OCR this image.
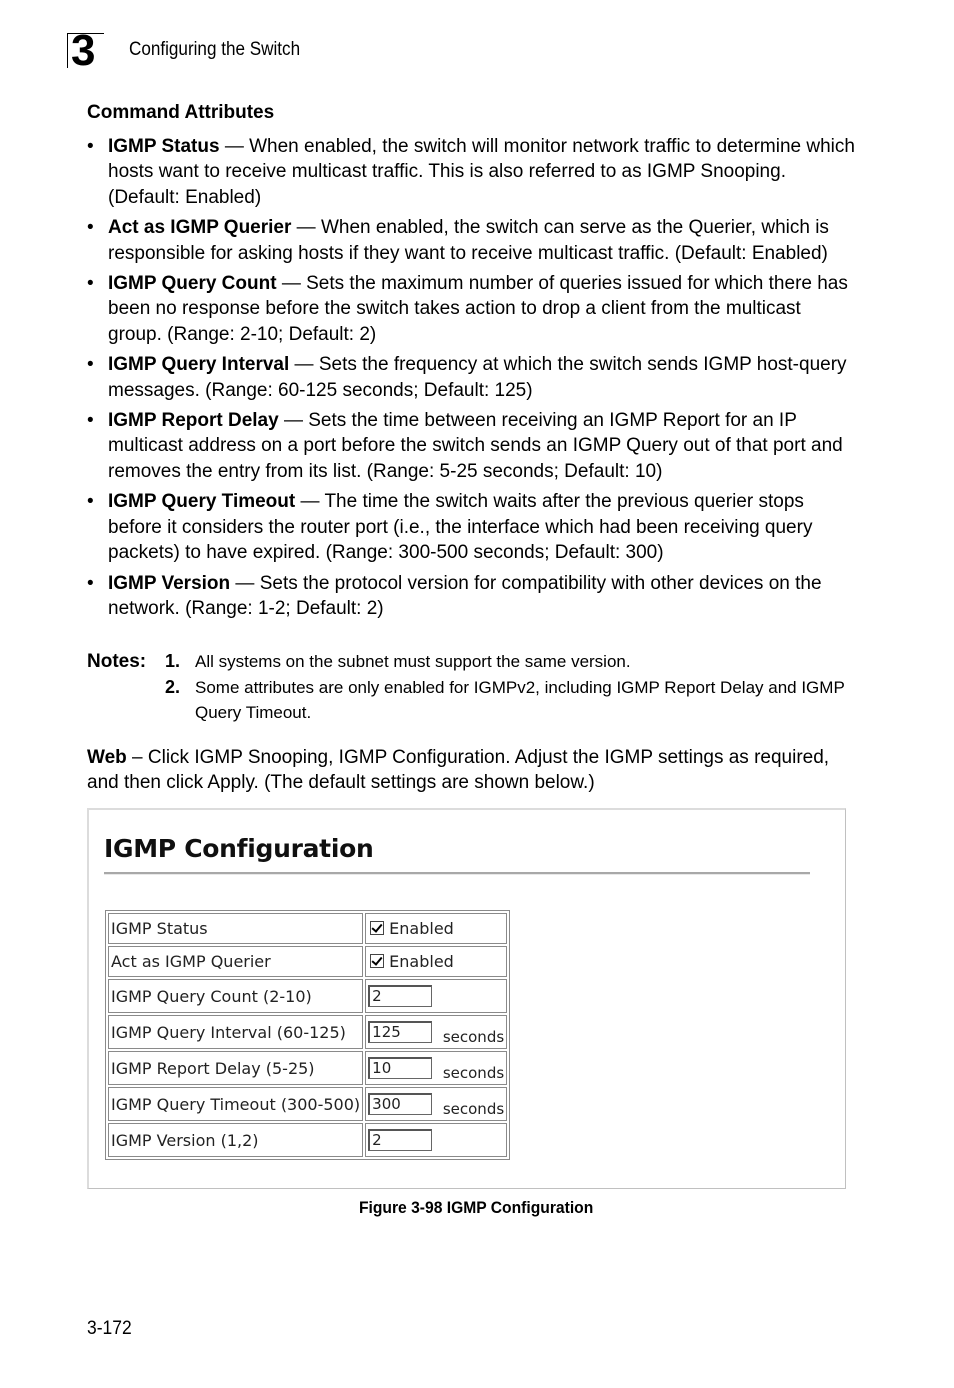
3 Configuring the Switch
Command Attributes
• IGMP Status — When enabled, the switch will monitor network traffic to determine which hosts want to receive multicast traffic. This is also referred to as IGMP Snooping. (Default: Enabled)
• Act as IGMP Querier — When enabled, the switch can serve as the Querier, which is responsible for asking hosts if they want to receive multicast traffic. (Default: Enabled)
• IGMP Query Count — Sets the maximum number of queries issued for which there has been no response before the switch takes action to drop a client from the multicast group. (Range: 2-10; Default: 2)
• IGMP Query Interval — Sets the frequency at which the switch sends IGMP host-query messages. (Range: 60-125 seconds; Default: 125)
• IGMP Report Delay — Sets the time between receiving an IGMP Report for an IP multicast address on a port before the switch sends an IGMP Query out of that port and removes the entry from its list. (Range: 5-25 seconds; Default: 10)
• IGMP Query Timeout — The time the switch waits after the previous querier stops before it considers the router port (i.e., the interface which had been receiving query packets) to have expired. (Range: 300-500 seconds; Default: 300)
• IGMP Version — Sets the protocol version for compatibility with other devices on the network. (Range: 1-2; Default: 2)
Notes: 1. All systems on the subnet must support the same version.
2. Some attributes are only enabled for IGMPv2, including IGMP Report Delay and IGMP Query Timeout.
Web – Click IGMP Snooping, IGMP Configuration. Adjust the IGMP settings as required, and then click Apply. (The default settings are shown below.)
IGMP Configuration
IGMP Status	Enabled
Act as IGMP Querier	Enabled
IGMP Query Count (2-10)	2
IGMP Query Interval (60-125)	125 seconds

IGMP Report Delay (5-25)	10 seconds

IGMP Query Timeout (300-500)	300 seconds

IGMP Version (1,2)	2
Figure 3-98 IGMP Configuration
3-172
